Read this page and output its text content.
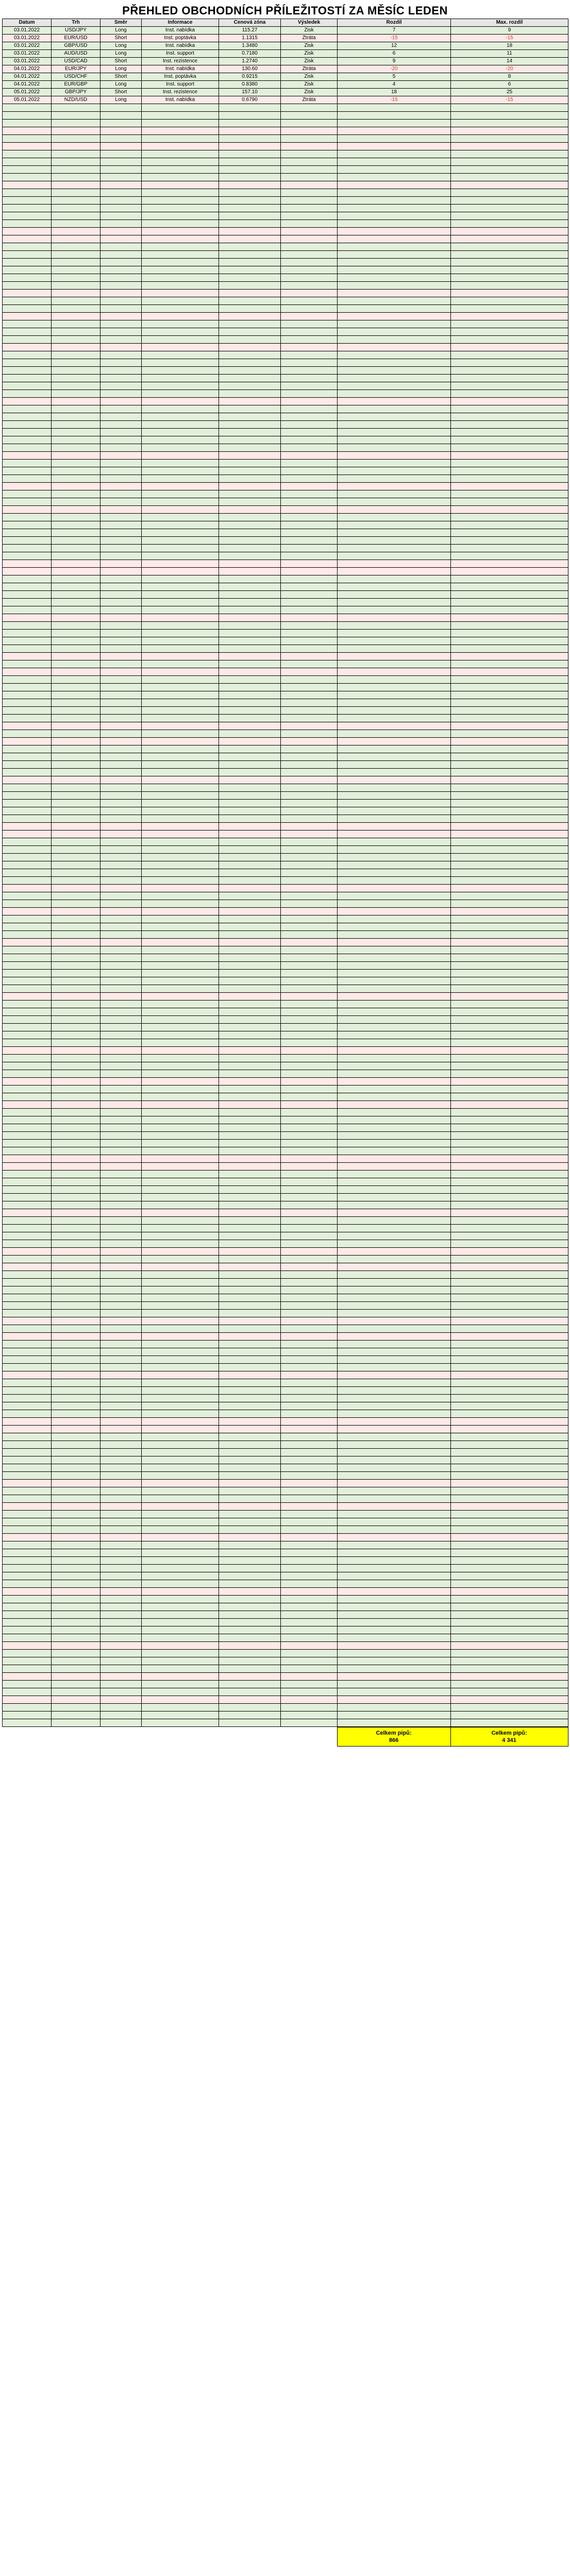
PŘEHLED OBCHODNÍCH PŘÍLEŽITOSTÍ ZA MĚSÍC LEDEN
Datum	Trh	Směr	Informace	Cenová zóna	Výsledek	Rozdíl	Max. rozdíl
03.01.2022	USD/JPY	Long	Inst. nabídka	115.27	Zisk	7	9
03.01.2022	EUR/USD	Short	Inst. poptávka	1.1315	Ztráta	-15	-15
03.01.2022	GBP/USD	Long	Inst. nabídka	1.3480	Zisk	12	18
03.01.2022	AUD/USD	Long	Inst. support	0.7180	Zisk	6	11
03.01.2022	USD/CAD	Short	Inst. rezistence	1.2740	Zisk	9	14
04.01.2022	EUR/JPY	Long	Inst. nabídka	130.60	Ztráta	-20	-20
04.01.2022	USD/CHF	Short	Inst. poptávka	0.9215	Zisk	5	8
04.01.2022	EUR/GBP	Long	Inst. support	0.8380	Zisk	4	6
05.01.2022	GBP/JPY	Short	Inst. rezistence	157.10	Zisk	18	25
05.01.2022	NZD/USD	Long	Inst. nabídka	0.6790	Ztráta	-15	-15

Celkem pipů:
866

Celkem pipů:
4 341
